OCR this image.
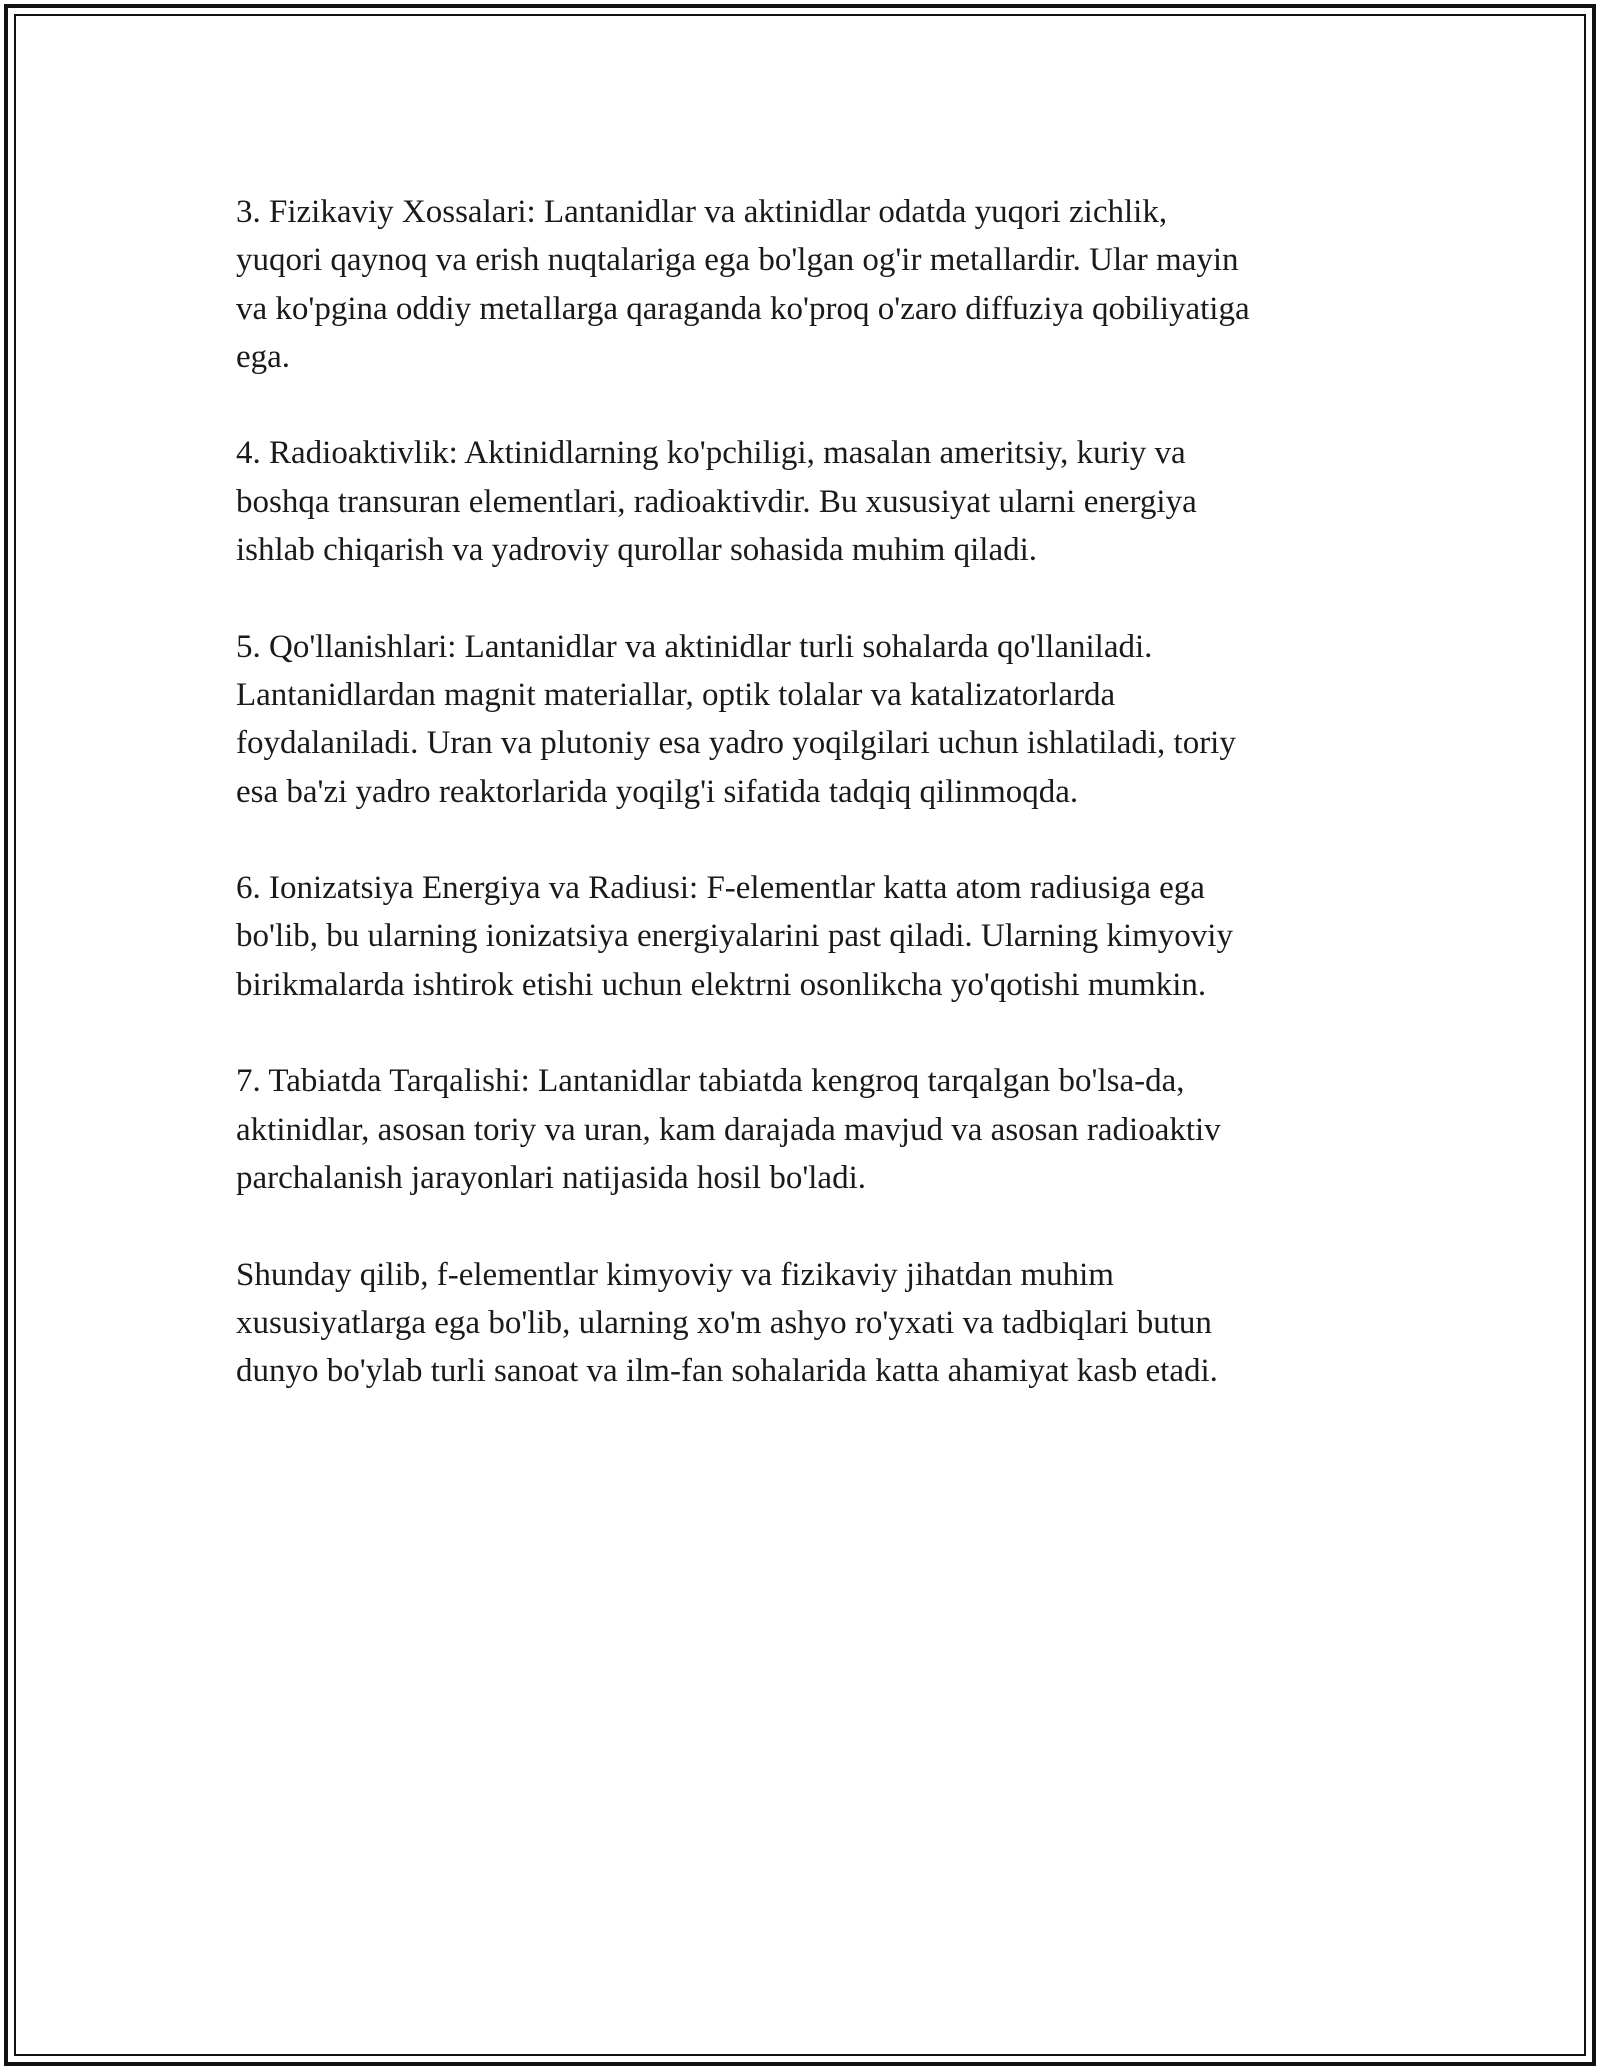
3. Fizikaviy Xossalari: Lantanidlar va aktinidlar odatda yuqori zichlik,
yuqori qaynoq va erish nuqtalariga ega bo'lgan og'ir metallardir. Ular mayin
va ko'pgina oddiy metallarga qaraganda ko'proq o'zaro diffuziya qobiliyatiga
ega.

4. Radioaktivlik: Aktinidlarning ko'pchiligi, masalan ameritsiy, kuriy va
boshqa transuran elementlari, radioaktivdir. Bu xususiyat ularni energiya
ishlab chiqarish va yadroviy qurollar sohasida muhim qiladi.

5. Qo'llanishlari: Lantanidlar va aktinidlar turli sohalarda qo'llaniladi.
Lantanidlardan magnit materiallar, optik tolalar va katalizatorlarda
foydalaniladi. Uran va plutoniy esa yadro yoqilgilari uchun ishlatiladi, toriy
esa ba'zi yadro reaktorlarida yoqilg'i sifatida tadqiq qilinmoqda.

6. Ionizatsiya Energiya va Radiusi: F-elementlar katta atom radiusiga ega
bo'lib, bu ularning ionizatsiya energiyalarini past qiladi. Ularning kimyoviy
birikmalarda ishtirok etishi uchun elektrni osonlikcha yo'qotishi mumkin.

7. Tabiatda Tarqalishi: Lantanidlar tabiatda kengroq tarqalgan bo'lsa-da,
aktinidlar, asosan toriy va uran, kam darajada mavjud va asosan radioaktiv
parchalanish jarayonlari natijasida hosil bo'ladi.

Shunday qilib, f-elementlar kimyoviy va fizikaviy jihatdan muhim
xususiyatlarga ega bo'lib, ularning xo'm ashyo ro'yxati va tadbiqlari butun
dunyo bo'ylab turli sanoat va ilm-fan sohalarida katta ahamiyat kasb etadi.
